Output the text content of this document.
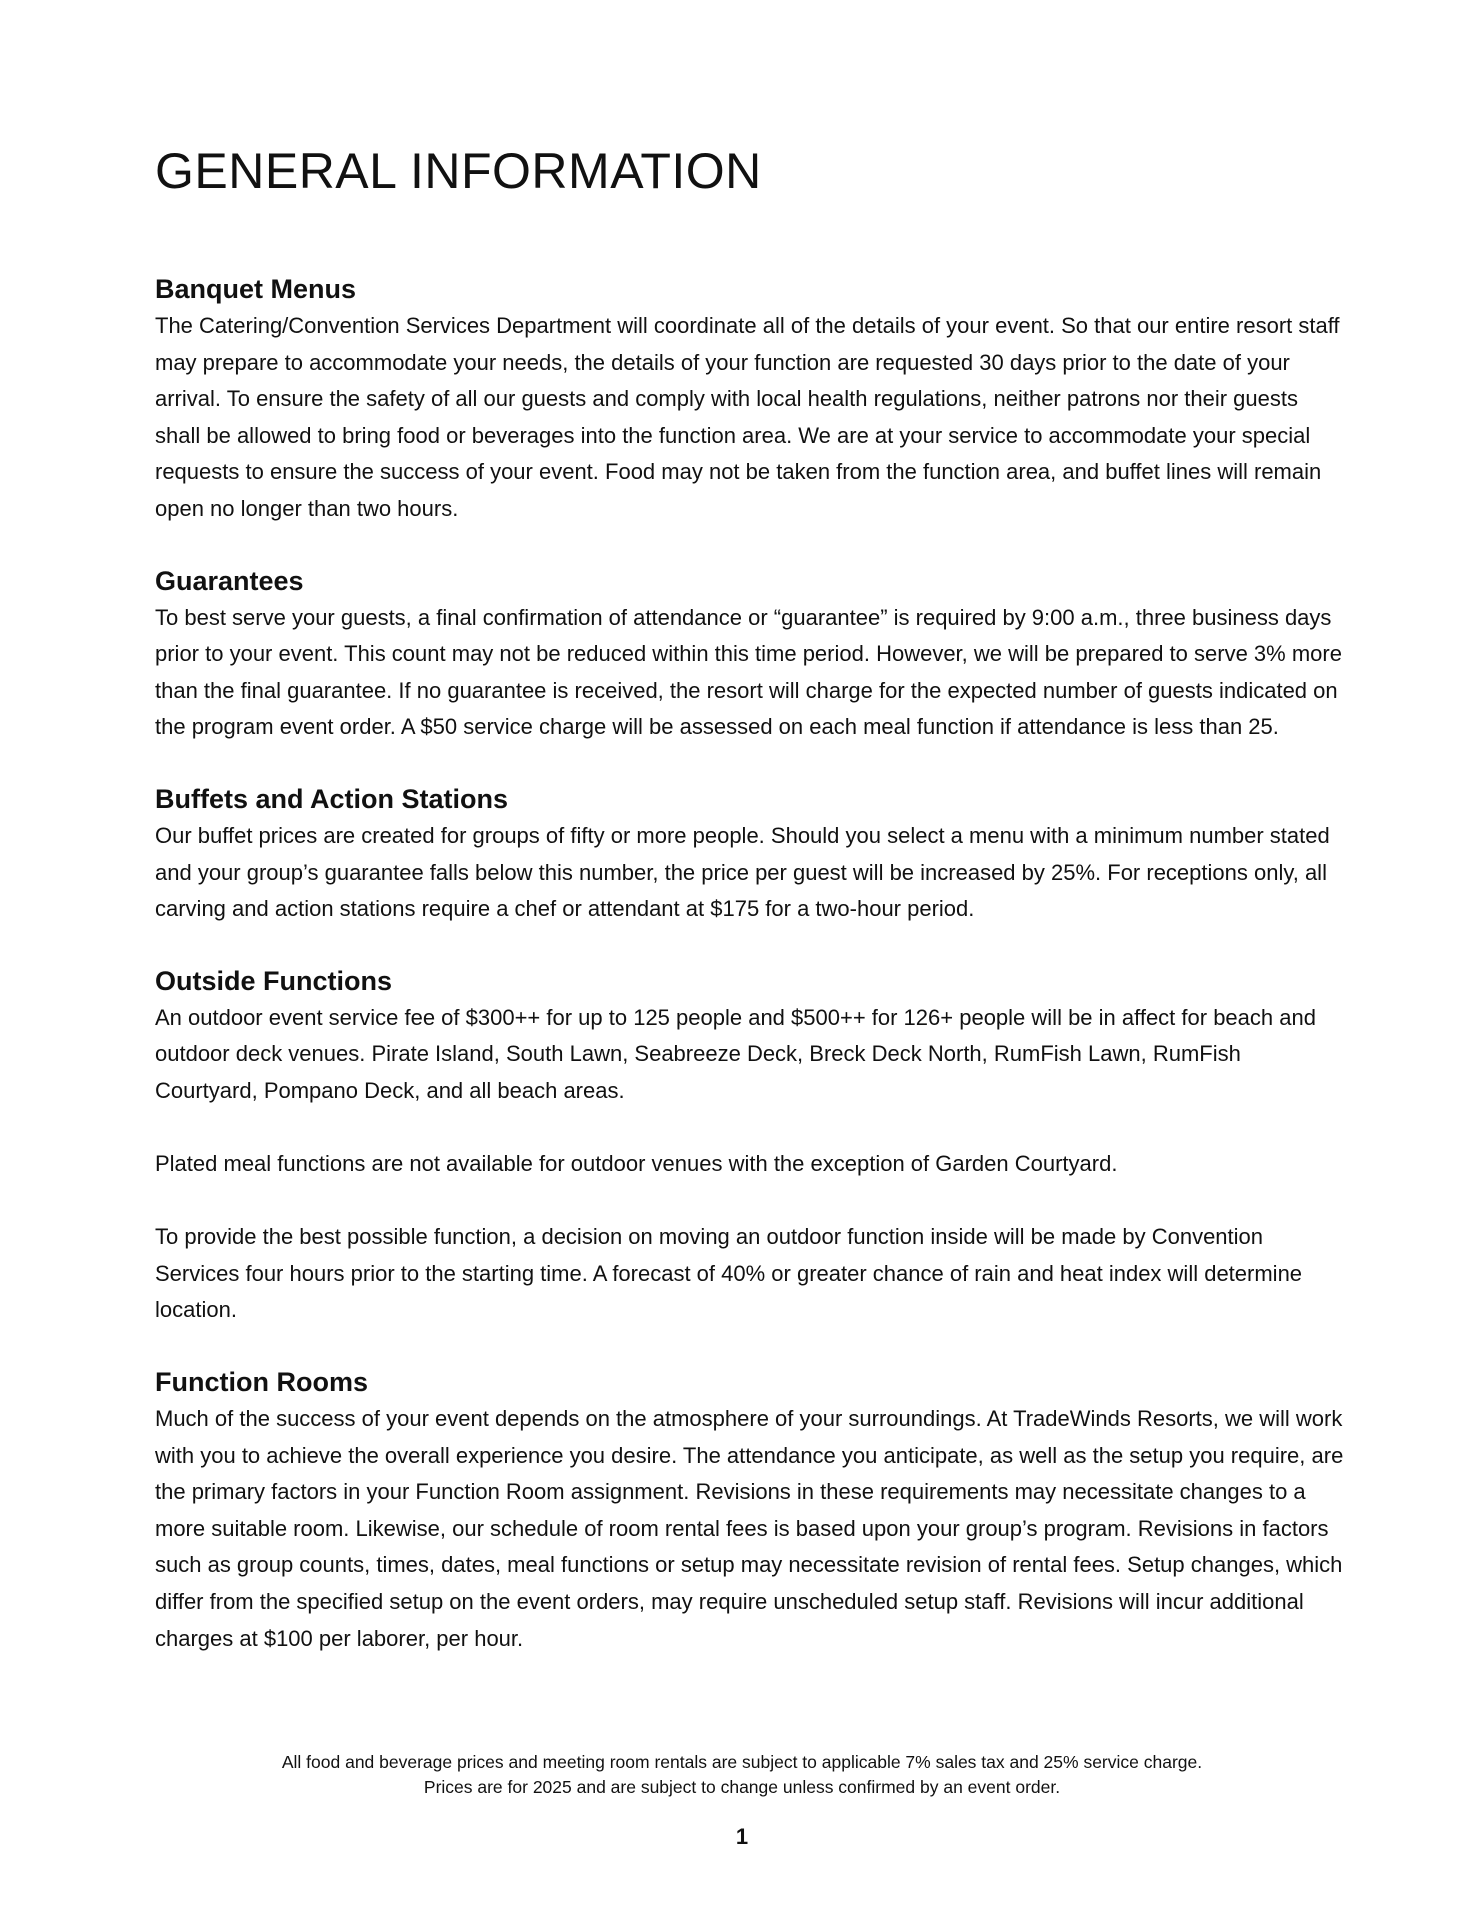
GENERAL INFORMATION
Banquet Menus

The Catering/Convention Services Department will coordinate all of the details of your event. So that our entire resort staff may prepare to accommodate your needs, the details of your function are requested 30 days prior to the date of your arrival. To ensure the safety of all our guests and comply with local health regulations, neither patrons nor their guests shall be allowed to bring food or beverages into the function area. We are at your service to accommodate your special requests to ensure the success of your event. Food may not be taken from the function area, and buffet lines will remain open no longer than two hours.

Guarantees

To best serve your guests, a final confirmation of attendance or “guarantee” is required by 9:00 a.m., three business days prior to your event. This count may not be reduced within this time period. However, we will be prepared to serve 3% more than the final guarantee. If no guarantee is received, the resort will charge for the expected number of guests indicated on the program event order. A $50 service charge will be assessed on each meal function if attendance is less than 25.

Buffets and Action Stations

Our buffet prices are created for groups of fifty or more people. Should you select a menu with a minimum number stated and your group’s guarantee falls below this number, the price per guest will be increased by 25%. For receptions only, all carving and action stations require a chef or attendant at $175 for a two-hour period.

Outside Functions

An outdoor event service fee of $300++ for up to 125 people and $500++ for 126+ people will be in affect for beach and outdoor deck venues. Pirate Island, South Lawn, Seabreeze Deck, Breck Deck North, RumFish Lawn, RumFish Courtyard, Pompano Deck, and all beach areas.

Plated meal functions are not available for outdoor venues with the exception of Garden Courtyard.

To provide the best possible function, a decision on moving an outdoor function inside will be made by Convention Services four hours prior to the starting time. A forecast of 40% or greater chance of rain and heat index will determine location.

Function Rooms

Much of the success of your event depends on the atmosphere of your surroundings. At TradeWinds Resorts, we will work with you to achieve the overall experience you desire. The attendance you anticipate, as well as the setup you require, are the primary factors in your Function Room assignment. Revisions in these requirements may necessitate changes to a more suitable room. Likewise, our schedule of room rental fees is based upon your group’s program. Revisions in factors such as group counts, times, dates, meal functions or setup may necessitate revision of rental fees. Setup changes, which differ from the specified setup on the event orders, may require unscheduled setup staff. Revisions will incur additional charges at $100 per laborer, per hour.

All food and beverage prices and meeting room rentals are subject to applicable 7% sales tax and 25% service charge.
Prices are for 2025 and are subject to change unless confirmed by an event order.
1
